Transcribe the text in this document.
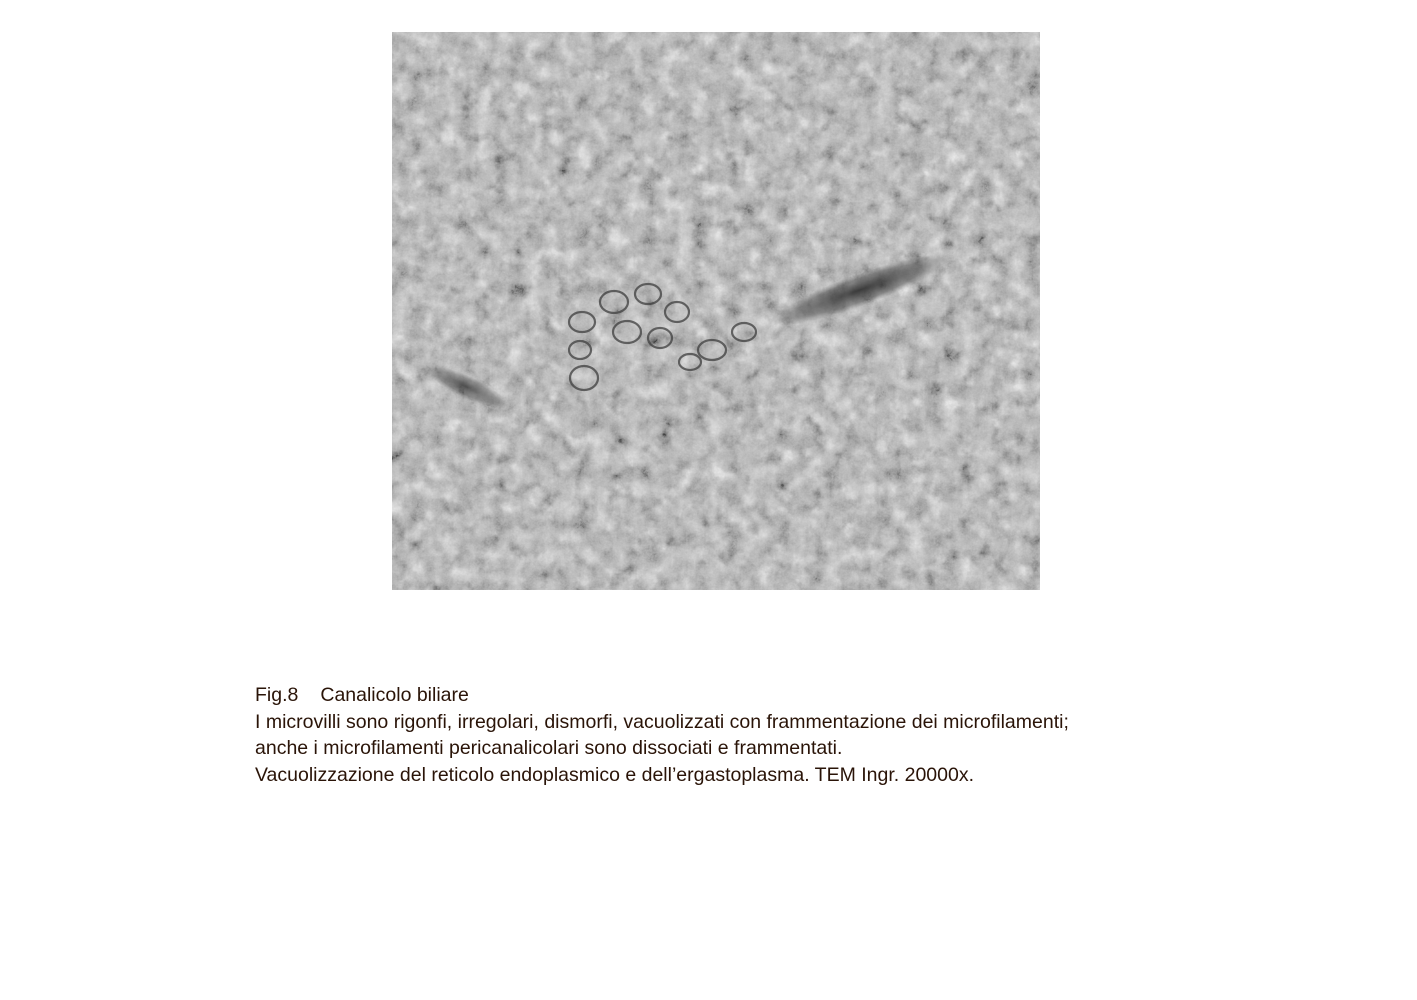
Fig.8 Canalicolo biliare
I microvilli sono rigonfi, irregolari, dismorfi, vacuolizzati con frammentazione dei microfilamenti;
anche i microfilamenti pericanalicolari sono dissociati e frammentati.
Vacuolizzazione del reticolo endoplasmico e dell’ergastoplasma. TEM Ingr. 20000x.
